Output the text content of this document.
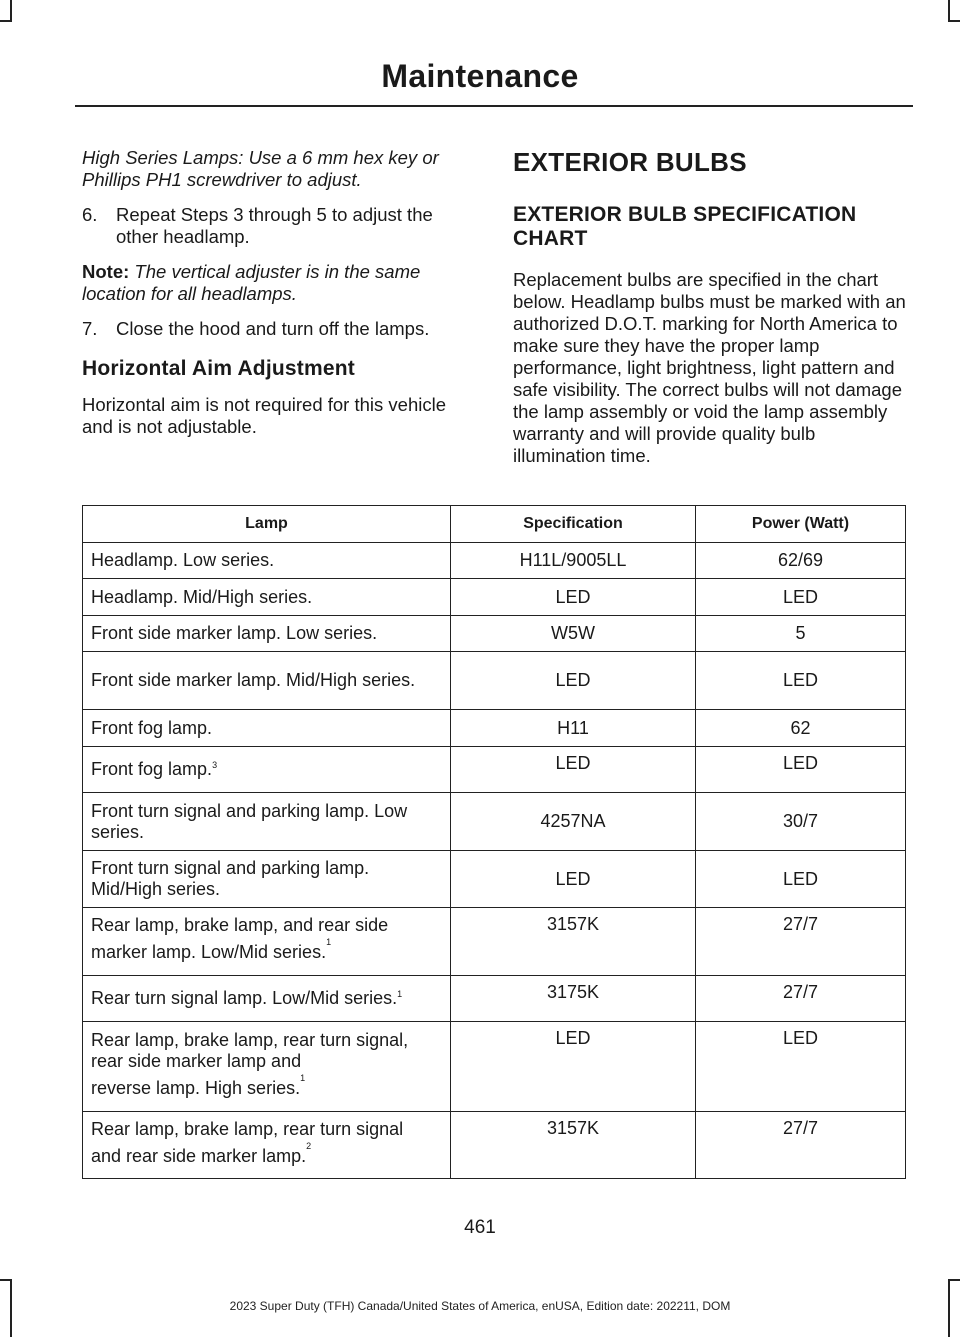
Maintenance

High Series Lamps: Use a 6 mm hex key or Phillips PH1 screwdriver to adjust.

6.	Repeat Steps 3 through 5 to adjust the other headlamp.

Note: The vertical adjuster is in the same location for all headlamps.

7.	Close the hood and turn off the lamps.
Horizontal Aim Adjustment

Horizontal aim is not required for this vehicle and is not adjustable.

EXTERIOR BULBS
EXTERIOR BULB SPECIFICATION CHART

Replacement bulbs are specified in the chart below. Headlamp bulbs must be marked with an authorized D.O.T. marking for North America to make sure they have the proper lamp performance, light brightness, light pattern and safe visibility. The correct bulbs will not damage the lamp assembly or void the lamp assembly warranty and will provide quality bulb illumination time.

Lamp	Specification	Power (Watt)
Headlamp. Low series.	H11L/9005LL	62/69
Headlamp. Mid/High series.	LED	LED
Front side marker lamp. Low series.	W5W	5
Front side marker lamp. Mid/High series.	LED	LED
Front fog lamp.	H11	62
Front fog lamp.$^3$	LED	LED
Front turn signal and parking lamp. Low series.	4257NA	30/7
Front turn signal and parking lamp. Mid/High series.	LED	LED
Rear lamp, brake lamp, and rear side
marker lamp. Low/Mid series.$^1$	3157K	27/7
Rear turn signal lamp. Low/Mid series.$^1$	3175K	27/7
Rear lamp, brake lamp, rear turn signal, rear side marker lamp and
reverse lamp. High series.$^1$	LED	LED
Rear lamp, brake lamp, rear turn signal
and rear side marker lamp.$^2$	3157K	27/7
461
2023 Super Duty (TFH) Canada/United States of America, enUSA, Edition date: 202211, DOM
